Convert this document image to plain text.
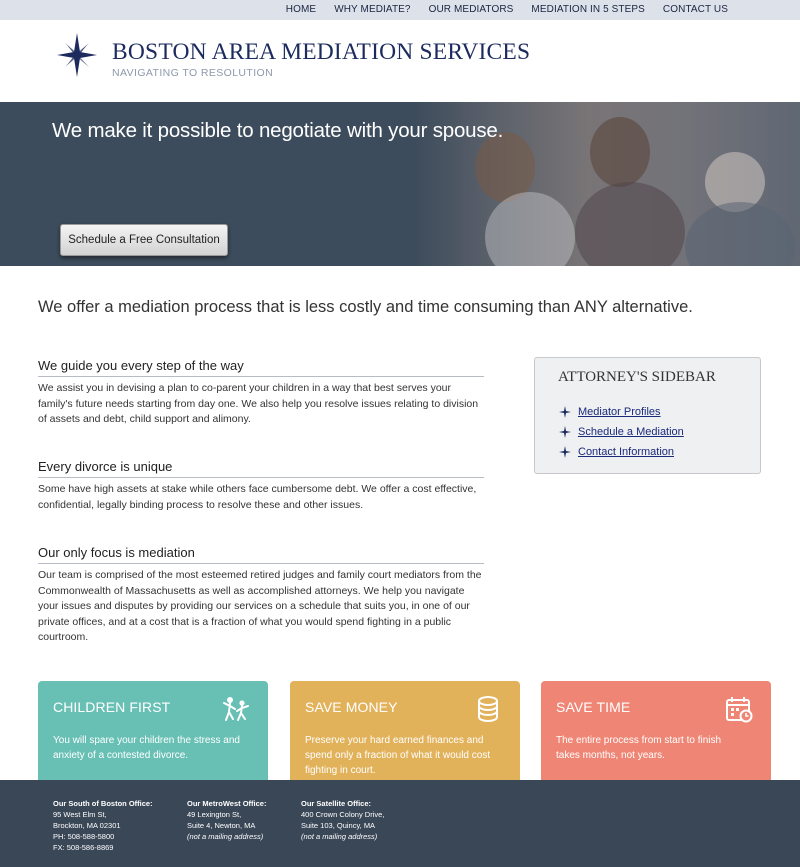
HOME	WHY MEDIATE?	OUR MEDIATORS	MEDIATION IN 5 STEPS	CONTACT US
BOSTON AREA MEDIATION SERVICES
NAVIGATING TO RESOLUTION
We make it possible to negotiate with your spouse.
Schedule a Free Consultation
We offer a mediation process that is less costly and time consuming than ANY alternative.
We guide you every step of the way

We assist you in devising a plan to co-parent your children in a way that best serves your family's future needs starting from day one. We also help you resolve issues relating to division of assets and debt, child support and alimony.

Every divorce is unique

Some have high assets at stake while others face cumbersome debt. We offer a cost effective, confidential, legally binding process to resolve these and other issues.

Our only focus is mediation

Our team is comprised of the most esteemed retired judges and family court mediators from the Commonwealth of Massachusetts as well as accomplished attorneys. We help you navigate your issues and disputes by providing our services on a schedule that suits you, in one of our private offices, and at a cost that is a fraction of what you would spend fighting in a public courtroom.

ATTORNEY'S SIDEBAR
Mediator Profiles
Schedule a Mediation
Contact Information
CHILDREN FIRST

You will spare your children the stress and anxiety of a contested divorce.

SAVE MONEY

Preserve your hard earned finances and spend only a fraction of what it would cost fighting in court.

SAVE TIME

The entire process from start to finish takes months, not years.

Our South of Boston Office:
95 West Elm St,
Brockton, MA 02301
PH: 508-588-5800
FX: 508-586-8869
Our MetroWest Office:
49 Lexington St,
Suite 4, Newton, MA
(not a mailing address)
Our Satellite Office:
400 Crown Colony Drive,
Suite 103, Quincy, MA
(not a mailing address)
